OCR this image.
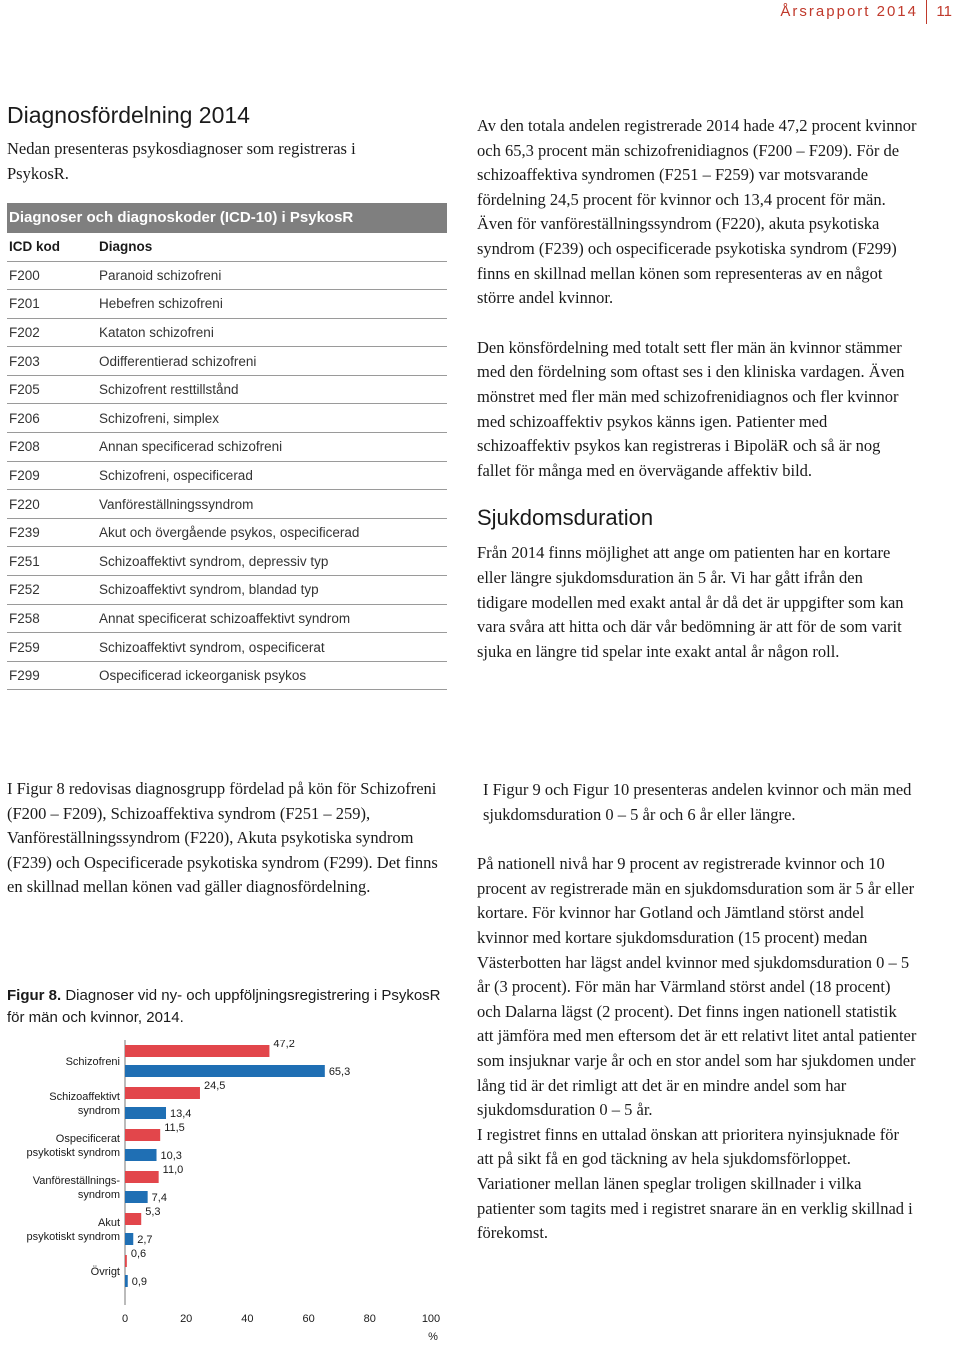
Årsrapport 2014 11
Diagnosfördelning 2014

Nedan presenteras psykosdiagnoser som registreras i PsykosR.

Diagnoser och diagnoskoder (ICD-10) i PsykosR
ICD kod	Diagnos
F200	Paranoid schizofreni
F201	Hebefren schizofreni
F202	Kataton schizofreni
F203	Odifferentierad schizofreni
F205	Schizofrent resttillstånd
F206	Schizofreni, simplex
F208	Annan specificerad schizofreni
F209	Schizofreni, ospecificerad
F220	Vanföreställningssyndrom
F239	Akut och övergående psykos, ospecificerad
F251	Schizoaffektivt syndrom, depressiv typ
F252	Schizoaffektivt syndrom, blandad typ
F258	Annat specificerat schizoaffektivt syndrom
F259	Schizoaffektivt syndrom, ospecificerat
F299	Ospecificerad ickeorganisk psykos

I Figur 8 redovisas diagnosgrupp fördelad på kön för Schizofreni (F200 – F209), Schizoaffektiva syndrom (F251 – 259), Vanföreställningssyndrom (F220), Akuta psykotiska syndrom (F239) och Ospecificerade psykotiska syndrom (F299). Det finns en skillnad mellan könen vad gäller diagnosfördelning.

Figur 8. Diagnoser vid ny- och uppföljningsregistrering i PsykosR för män och kvinnor, 2014.
Schizofreni
47,2
65,3
Schizoaffektivt
syndrom
24,5
13,4
Ospecificerat
psykotiskt syndrom
11,5
10,3
Vanföreställnings-
syndrom
11,0
7,4
Akut
psykotiskt syndrom
5,3
2,7
Övrigt
0,6
0,9
0	20	40	60	80	100
%

Av den totala andelen registrerade 2014 hade 47,2 procent kvinnor och 65,3 procent män schizofrenidiagnos (F200 – F209). För de schizoaffektiva syndromen (F251 – F259) var motsvarande fördelning 24,5 procent för kvinnor och 13,4 procent för män. Även för vanföreställningssyndrom (F220), akuta psykotiska syndrom (F239) och ospecificerade psykotiska syndrom (F299) finns en skillnad mellan könen som representeras av en något större andel kvinnor.

Den könsfördelning med totalt sett fler män än kvinnor stämmer med den fördelning som oftast ses i den kliniska vardagen. Även mönstret med fler män med schizofrenidiagnos och fler kvinnor med schizoaffektiv psykos känns igen. Patienter med schizoaffektiv psykos kan registreras i BipoläR och så är nog fallet för många med en övervägande affektiv bild.

Sjukdomsduration

Från 2014 finns möjlighet att ange om patienten har en kortare eller längre sjukdomsduration än 5 år. Vi har gått ifrån den tidigare modellen med exakt antal år då det är uppgifter som kan vara svåra att hitta och där vår bedömning är att för de som varit sjuka en längre tid spelar inte exakt antal år någon roll.

I Figur 9 och Figur 10 presenteras andelen kvinnor och män med sjukdomsduration 0 – 5 år och 6 år eller längre.

På nationell nivå har 9 procent av registrerade kvinnor och 10 procent av registrerade män en sjukdomsduration som är 5 år eller kortare. För kvinnor har Gotland och Jämtland störst andel kvinnor med kortare sjukdomsduration (15 procent) medan Västerbotten har lägst andel kvinnor med sjukdomsduration 0 – 5 år (3 procent). För män har Värmland störst andel (18 procent) och Dalarna lägst (2 procent). Det finns ingen nationell statistik att jämföra med men eftersom det är ett relativt litet antal patienter som insjuknar varje år och en stor andel som har sjukdomen under lång tid är det rimligt att det är en mindre andel som har sjukdomsduration 0 – 5 år.

I registret finns en uttalad önskan att prioritera nyinsjuknade för att på sikt få en god täckning av hela sjukdomsförloppet. Variationer mellan länen speglar troligen skillnader i vilka patienter som tagits med i registret snarare än en verklig skillnad i förekomst.
